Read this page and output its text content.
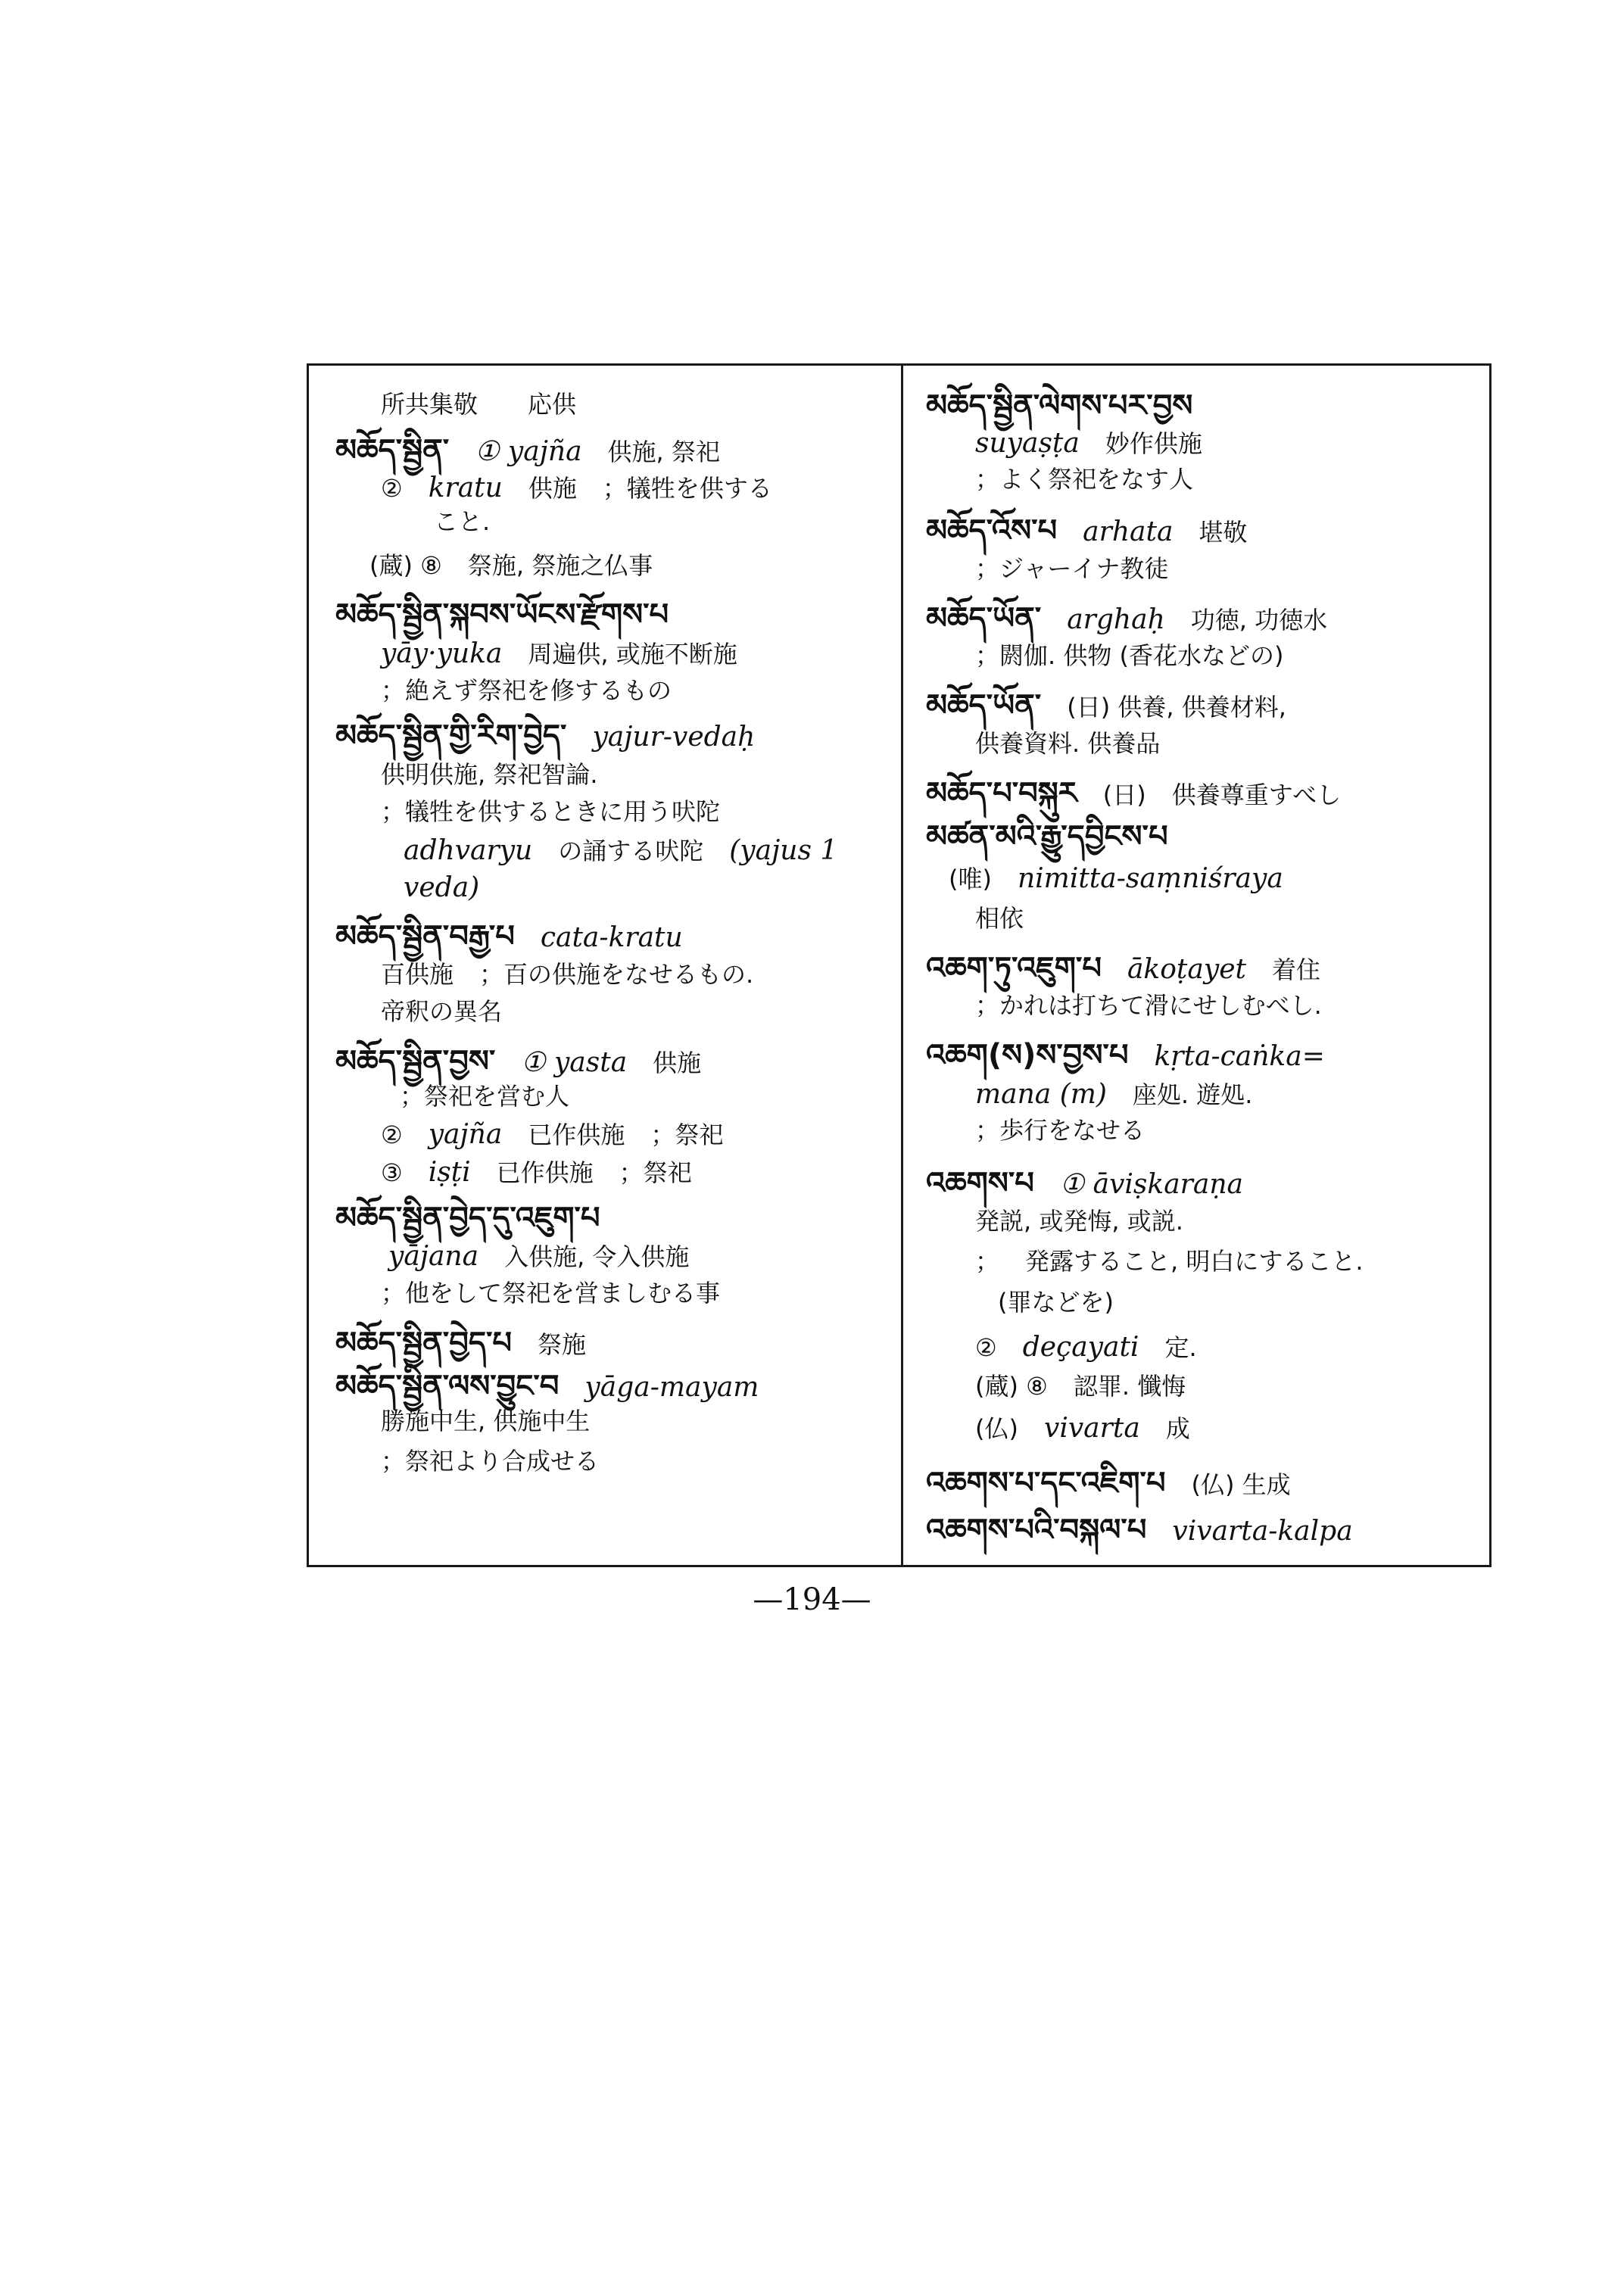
所共集敬　応供
མཆོད་སྦྱིན་ ① yajña 供施, 祭祀
② kratu 供施 ；犠牲を供する
こと.
(蔵) ⑧ 祭施, 祭施之仏事
མཆོད་སྦྱིན་སྐབས་ཡོངས་རྫོགས་པ
yāy·yuka 周遍供, 或施不断施
；絶えず祭祀を修するもの
མཆོད་སྦྱིན་གྱི་རིག་བྱེད་ yajur-vedaḥ
供明供施, 祭祀智論.
；犠牲を供するときに用う吠陀
adhvaryu の誦する吠陀 (yajus 1
veda)
མཆོད་སྦྱིན་བརྒྱ་པ cata-kratu
百供施 ；百の供施をなせるもの.
帝釈の異名
མཆོད་སྦྱིན་བྱས་ ① yasta 供施
；祭祀を営む人
② yajña 已作供施 ；祭祀
③ iṣṭi 已作供施 ；祭祀
མཆོད་སྦྱིན་བྱེད་དུ་འཇུག་པ
yājana 入供施, 令入供施
；他をして祭祀を営ましむる事
མཆོད་སྦྱིན་བྱེད་པ 祭施
མཆོད་སྦྱིན་ལས་བྱུང་བ yāga-mayam
勝施中生, 供施中生
；祭祀より合成せる
མཆོད་སྦྱིན་ལེགས་པར་བྱས
suyaṣṭa 妙作供施
；よく祭祀をなす人
མཆོད་འོས་པ arhata 堪敬
；ジャーイナ教徒
མཆོད་ཡོན་ arghaḥ 功徳, 功徳水
；閼伽. 供物 (香花水などの)
མཆོད་ཡོན་ (日) 供養, 供養材料,
供養資料. 供養品
མཆོད་པ་བསྐུར (日) 供養尊重すべし
མཚན་མའི་རྒྱུ་དབྱིངས་པ
(唯) nimitta-saṃniśraya
相依
འཆག་ཏུ་འཇུག་པ ākoṭayet 着住
；かれは打ちて滑にせしむべし.
འཆག(ས)ས་བྱས་པ kṛta-caṅka=
mana (m) 座処. 遊処.
；歩行をなせる
འཆགས་པ ① āviṣkaraṇa
発説, 或発悔, 或説.
； 発露すること, 明白にすること.
(罪などを)
② deçayati 定.
(蔵) ⑧ 認罪. 懺悔
(仏) vivarta 成
འཆགས་པ་དང་འཇིག་པ (仏) 生成
འཆགས་པའི་བསྐལ་པ vivarta-kalpa
—194—
